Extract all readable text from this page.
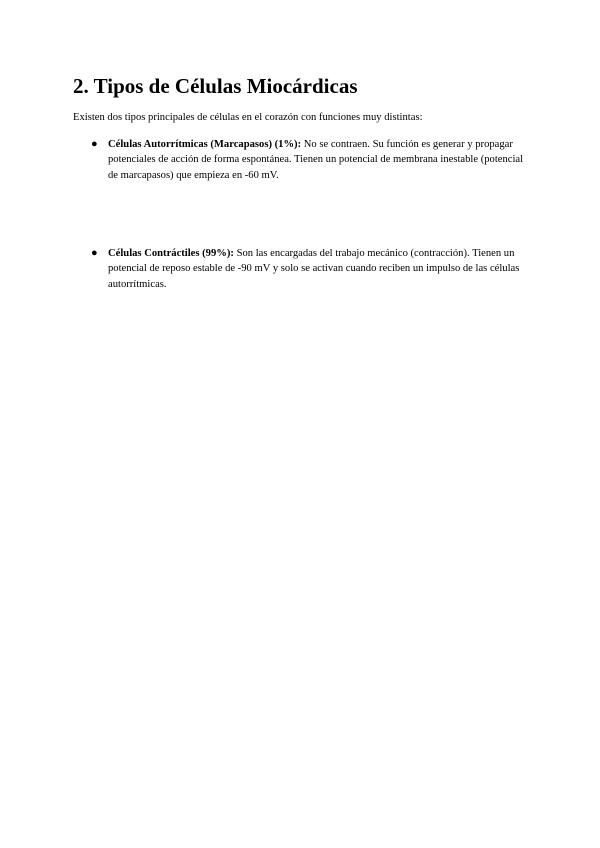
2. Tipos de Células Miocárdicas

Existen dos tipos principales de células en el corazón con funciones muy distintas:

● Células Autorrítmicas (Marcapasos) (1%): No se contraen. Su función es generar y propagar potenciales de acción de forma espontánea. Tienen un potencial de membrana inestable (potencial de marcapasos) que empieza en -60 mV.
● Células Contráctiles (99%): Son las encargadas del trabajo mecánico (contracción). Tienen un potencial de reposo estable de -90 mV y solo se activan cuando reciben un impulso de las células autorrítmicas.
